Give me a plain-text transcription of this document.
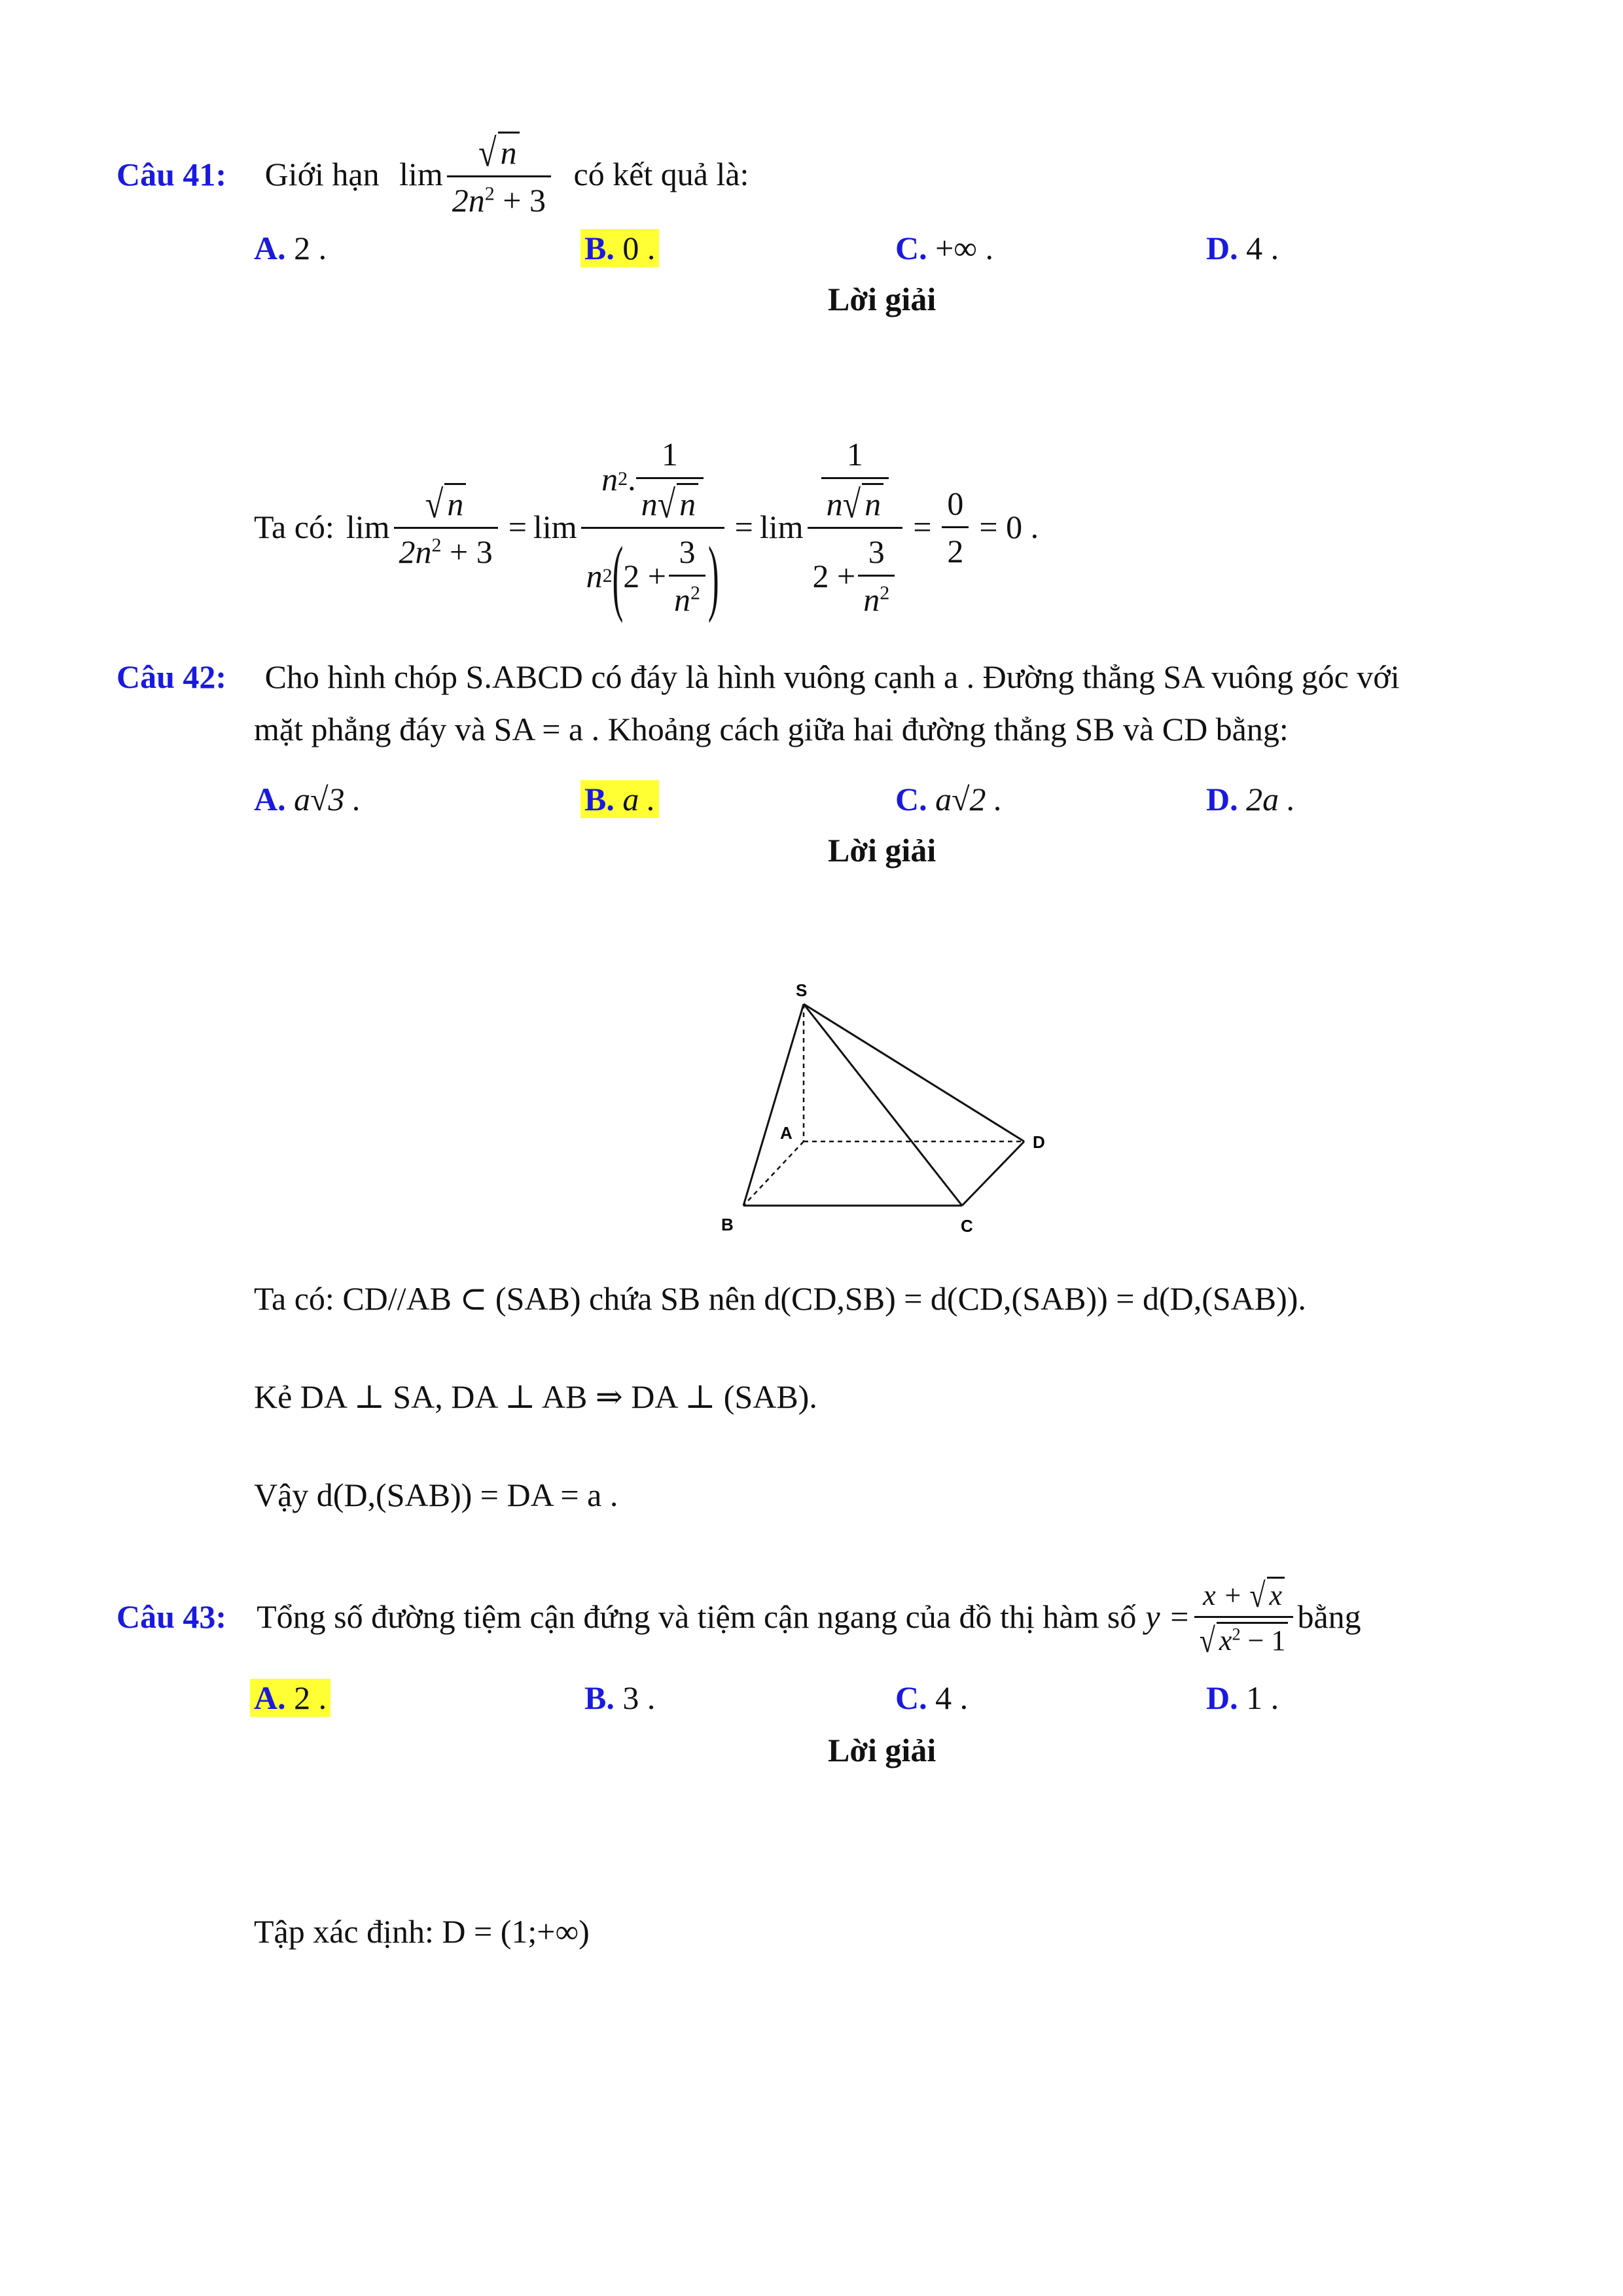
Câu 41: Giới hạn $\lim \frac{√ n}{2n^2 + 3}$ có kết quả là:
A. 2 .	B. 0 .	C. +∞ .	D. 4 .
Lời giải
Ta có: $\lim \frac{√ n}{2n^2 + 3} = \lim \frac{n 2 . \frac{1}{n√ n}}{n 2 ( 2 + \frac{3}{n^2} )} = \lim \frac{\frac{1}{n√ n}}{2 + \frac{3}{n^2}} = \frac{0}{2} = 0$ .
Câu 42: Cho hình chóp S.ABCD có đáy là hình vuông cạnh a . Đường thẳng SA vuông góc với
mặt phẳng đáy và SA = a . Khoảng cách giữa hai đường thẳng SB và CD bằng:
A. a√3 .	B. a .	C. a√2 .	D. 2a .
Lời giải
S
A
B	C
D
Ta có: CD//AB ⊂ (SAB) chứa SB nên d(CD,SB) = d(CD,(SAB)) = d(D,(SAB)).
Kẻ DA ⊥ SA, DA ⊥ AB ⇒ DA ⊥ (SAB).
Vậy d(D,(SAB)) = DA = a .
Câu 43: Tổng số đường tiệm cận đứng và tiệm cận ngang của đồ thị hàm số $y = \frac{x + √ x}{√ x^2 - 1}$ bằng
A. 2 .	B. 3 .	C. 4 .	D. 1 .
Lời giải
Tập xác định: D = (1;+∞)
